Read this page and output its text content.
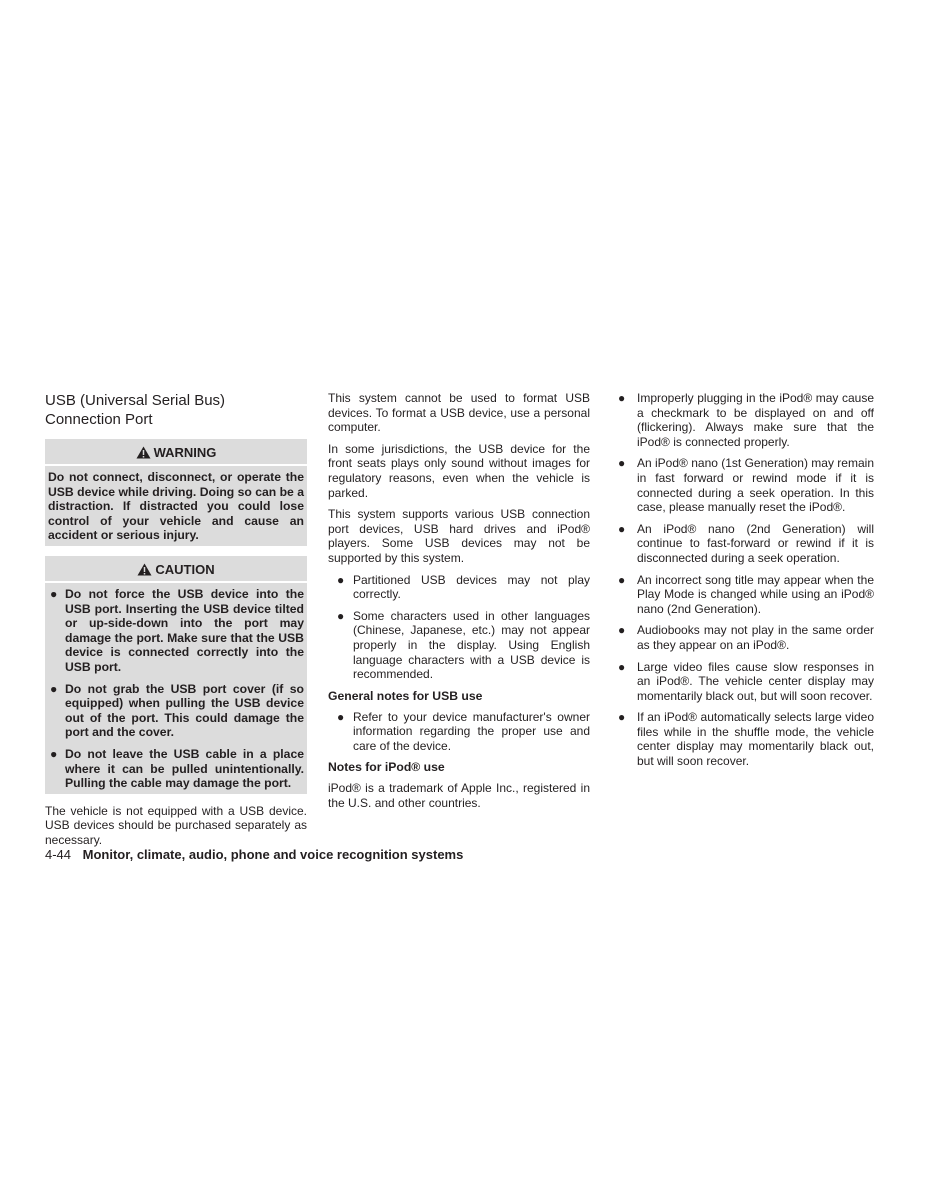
USB (Universal Serial Bus)
Connection Port
WARNING

Do not connect, disconnect, or operate the USB device while driving. Doing so can be a distraction. If distracted you could lose control of your vehicle and cause an accident or serious injury.

CAUTION
● Do not force the USB device into the USB port. Inserting the USB device tilted or up-side-down into the port may damage the port. Make sure that the USB device is connected correctly into the USB port.
● Do not grab the USB port cover (if so equipped) when pulling the USB device out of the port. This could damage the port and the cover.
● Do not leave the USB cable in a place where it can be pulled unintentionally. Pulling the cable may damage the port.

The vehicle is not equipped with a USB device. USB devices should be purchased separately as necessary.

This system cannot be used to format USB devices. To format a USB device, use a personal computer.

In some jurisdictions, the USB device for the front seats plays only sound without images for regulatory reasons, even when the vehicle is parked.

This system supports various USB connection port devices, USB hard drives and iPod® players. Some USB devices may not be supported by this system.

● Partitioned USB devices may not play correctly.
● Some characters used in other languages (Chinese, Japanese, etc.) may not appear properly in the display. Using English language characters with a USB device is recommended.
General notes for USB use
● Refer to your device manufacturer's owner information regarding the proper use and care of the device.
Notes for iPod® use

iPod® is a trademark of Apple Inc., registered in the U.S. and other countries.

● Improperly plugging in the iPod® may cause a checkmark to be displayed on and off (flickering). Always make sure that the iPod® is connected properly.
● An iPod® nano (1st Generation) may remain in fast forward or rewind mode if it is connected during a seek operation. In this case, please manually reset the iPod®.
● An iPod® nano (2nd Generation) will continue to fast-forward or rewind if it is disconnected during a seek operation.
● An incorrect song title may appear when the Play Mode is changed while using an iPod® nano (2nd Generation).
● Audiobooks may not play in the same order as they appear on an iPod®.
● Large video files cause slow responses in an iPod®. The vehicle center display may momentarily black out, but will soon recover.
● If an iPod® automatically selects large video files while in the shuffle mode, the vehicle center display may momentarily black out, but will soon recover.
4-44 Monitor, climate, audio, phone and voice recognition systems
